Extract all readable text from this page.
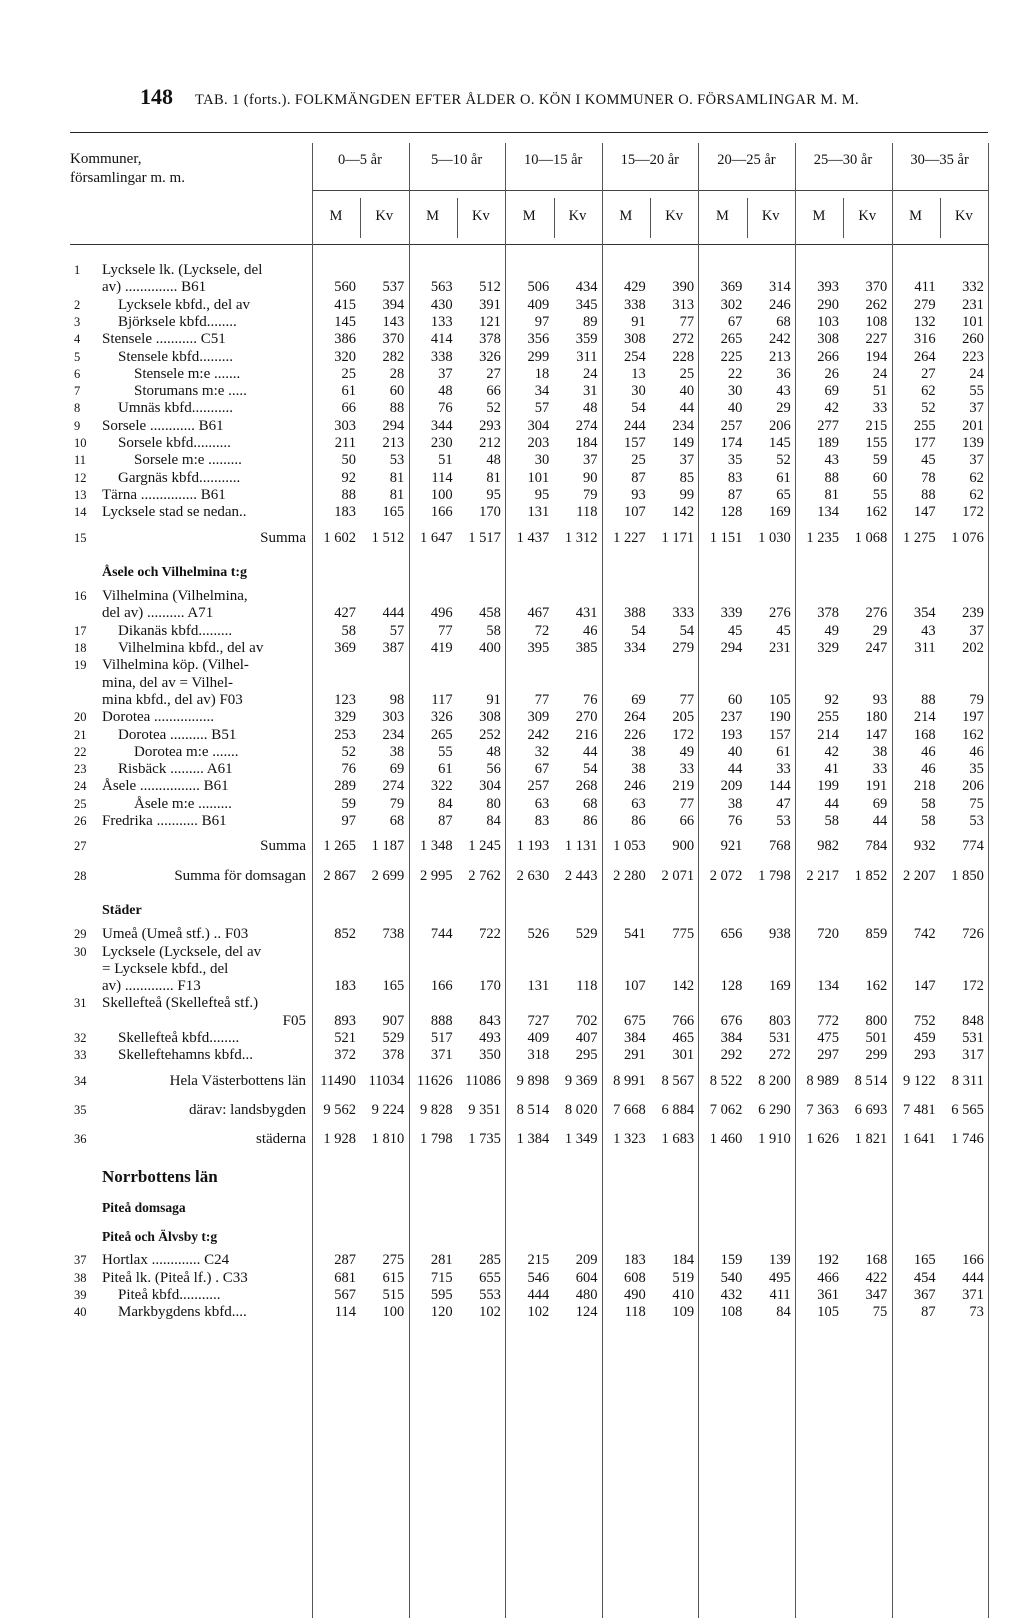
148 TAB. 1 (forts.). FOLKMÄNGDEN EFTER ÅLDER O. KÖN I KOMMUNER O. FÖRSAMLINGAR M. M.
Kommuner,
församlingar m. m.
0—5 år	5—10 år	10—15 år	15—20 år	20—25 år	25—30 år	30—35 år
M	Kv	M	Kv	M	Kv	M	Kv	M	Kv	M	Kv	M	Kv
Lycksele lk. (Lycksele, del
av) .............. B61
1
560	537	563	512	506	434	429	390	369	314	393	370	411	332
Lycksele kbfd., del av
2	415	394	430	391	409	345	338	313	302	246	290	262	279	231
Björksele kbfd........
3	145	143	133	121	97	89	91	77	67	68	103	108	132	101
Stensele ........... C51
4	386	370	414	378	356	359	308	272	265	242	308	227	316	260
Stensele kbfd.........
5	320	282	338	326	299	311	254	228	225	213	266	194	264	223
Stensele m:e .......
6	25	28	37	27	18	24	13	25	22	36	26	24	27	24
Storumans m:e .....
7	61	60	48	66	34	31	30	40	30	43	69	51	62	55
Umnäs kbfd...........
8	66	88	76	52	57	48	54	44	40	29	42	33	52	37
Sorsele ............ B61
9	303	294	344	293	304	274	244	234	257	206	277	215	255	201
Sorsele kbfd..........
10	211	213	230	212	203	184	157	149	174	145	189	155	177	139
Sorsele m:e .........
11	50	53	51	48	30	37	25	37	35	52	43	59	45	37
Gargnäs kbfd...........
12	92	81	114	81	101	90	87	85	83	61	88	60	78	62
Tärna ............... B61
13	88	81	100	95	95	79	93	99	87	65	81	55	88	62
Lycksele stad se nedan..
14	183	165	166	170	131	118	107	142	128	169	134	162	147	172
Summa
15	1 602	1 512	1 647	1 517	1 437	1 312	1 227	1 171	1 151	1 030	1 235	1 068	1 275	1 076
Åsele och Vilhelmina t:g
Vilhelmina (Vilhelmina,
del av) .......... A71
16
427	444	496	458	467	431	388	333	339	276	378	276	354	239
Dikanäs kbfd.........
17	58	57	77	58	72	46	54	54	45	45	49	29	43	37
Vilhelmina kbfd., del av
18	369	387	419	400	395	385	334	279	294	231	329	247	311	202
Vilhelmina köp. (Vilhel-
mina, del av = Vilhel-
mina kbfd., del av) F03
19
123	98	117	91	77	76	69	77	60	105	92	93	88	79
Dorotea ................
20	329	303	326	308	309	270	264	205	237	190	255	180	214	197
Dorotea .......... B51
21	253	234	265	252	242	216	226	172	193	157	214	147	168	162
Dorotea m:e .......
22	52	38	55	48	32	44	38	49	40	61	42	38	46	46
Risbäck ......... A61
23	76	69	61	56	67	54	38	33	44	33	41	33	46	35
Åsele ................ B61
24	289	274	322	304	257	268	246	219	209	144	199	191	218	206
Åsele m:e .........
25	59	79	84	80	63	68	63	77	38	47	44	69	58	75
Fredrika ........... B61
26	97	68	87	84	83	86	86	66	76	53	58	44	58	53
Summa
27	1 265	1 187	1 348	1 245	1 193	1 131	1 053	900	921	768	982	784	932	774
Summa för domsagan
28	2 867	2 699	2 995	2 762	2 630	2 443	2 280	2 071	2 072	1 798	2 217	1 852	2 207	1 850
Städer
Umeå (Umeå stf.) .. F03
29	852	738	744	722	526	529	541	775	656	938	720	859	742	726
Lycksele (Lycksele, del av
= Lycksele kbfd., del
av) ............. F13
30
183	165	166	170	131	118	107	142	128	169	134	162	147	172
Skellefteå (Skellefteå stf.)
F05
31
893	907	888	843	727	702	675	766	676	803	772	800	752	848
Skellefteå kbfd........
32	521	529	517	493	409	407	384	465	384	531	475	501	459	531
Skelleftehamns kbfd...
33	372	378	371	350	318	295	291	301	292	272	297	299	293	317
Hela Västerbottens län
34	11490 11034 11626 11086	9 898	9 369	8 991	8 567	8 522	8 200	8 989	8 514	9 122	8 311
därav: landsbygden
35	9 562	9 224	9 828	9 351	8 514	8 020	7 668	6 884	7 062	6 290	7 363	6 693	7 481	6 565
städerna
36	1 928	1 810	1 798	1 735	1 384	1 349	1 323	1 683	1 460	1 910	1 626	1 821	1 641	1 746
Norrbottens län
Piteå domsaga
Piteå och Älvsby t:g
Hortlax ............. C24
37	287	275	281	285	215	209	183	184	159	139	192	168	165	166
Piteå lk. (Piteå lf.) . C33
38	681	615	715	655	546	604	608	519	540	495	466	422	454	444
Piteå kbfd...........
39	567	515	595	553	444	480	490	410	432	411	361	347	367	371
Markbygdens kbfd....
40	114	100	120	102	102	124	118	109	108	84	105	75	87	73
